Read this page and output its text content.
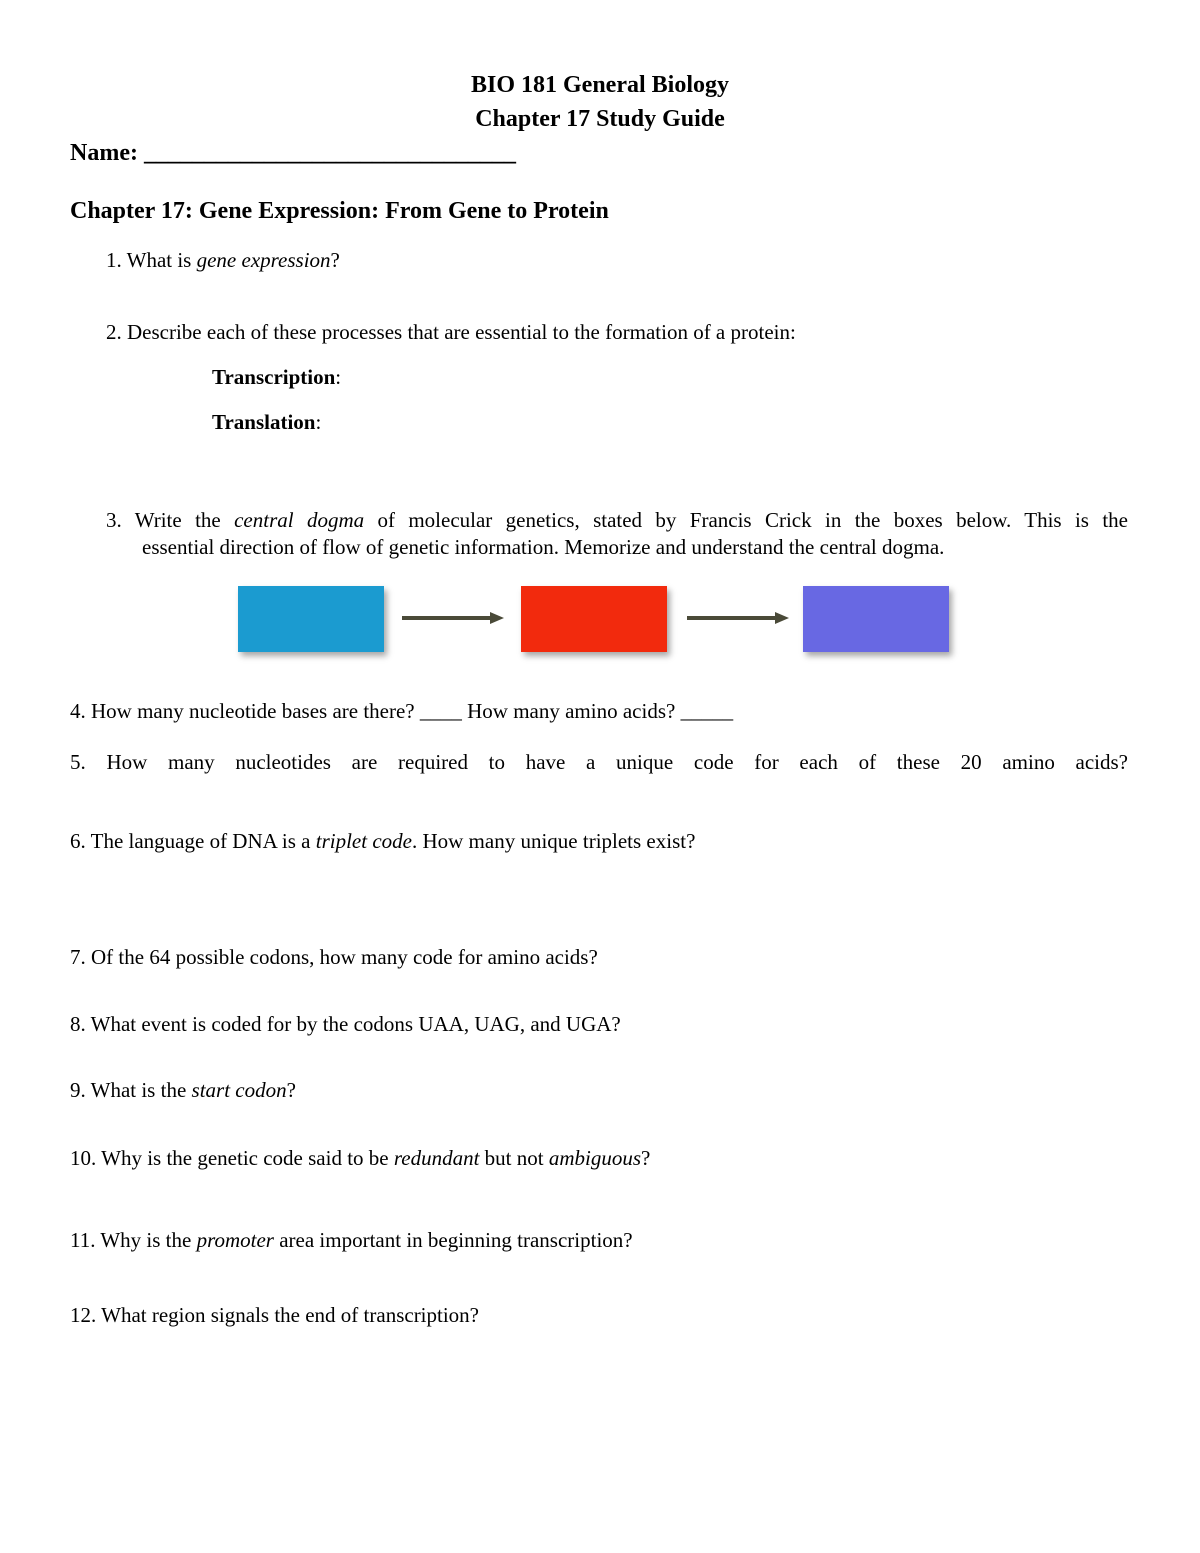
BIO 181 General Biology
Chapter 17 Study Guide
Name: _______________________________
Chapter 17: Gene Expression: From Gene to Protein
1. What is gene expression?
2. Describe each of these processes that are essential to the formation of a protein:
Transcription:
Translation:
3. Write the central dogma of molecular genetics, stated by Francis Crick in the boxes below. This is the
essential direction of flow of genetic information. Memorize and understand the central dogma.
4. How many nucleotide bases are there? ____ How many amino acids? _____
5. How many nucleotides are required to have a unique code for each of these 20 amino acids?
6. The language of DNA is a triplet code. How many unique triplets exist?
7. Of the 64 possible codons, how many code for amino acids?
8. What event is coded for by the codons UAA, UAG, and UGA?
9. What is the start codon?
10. Why is the genetic code said to be redundant but not ambiguous?
11. Why is the promoter area important in beginning transcription?
12. What region signals the end of transcription?
